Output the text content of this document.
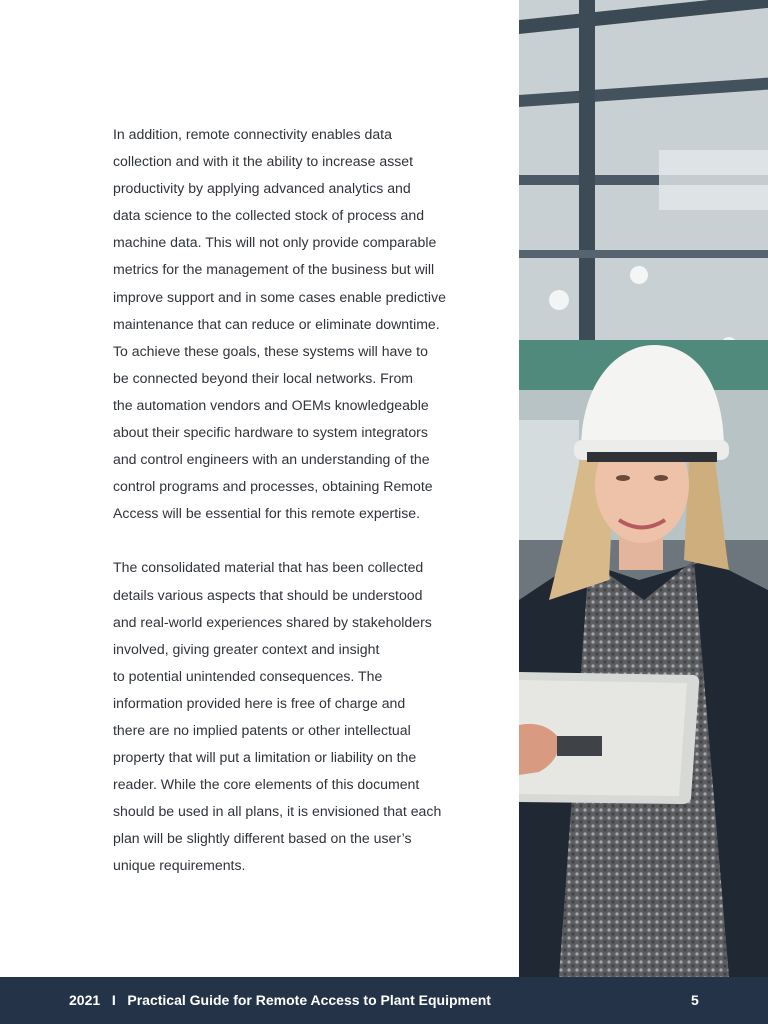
In addition, remote connectivity enables data
collection and with it the ability to increase asset
productivity by applying advanced analytics and
data science to the collected stock of process and
machine data. This will not only provide comparable
metrics for the management of the business but will
improve support and in some cases enable predictive
maintenance that can reduce or eliminate downtime.
To achieve these goals, these systems will have to
be connected beyond their local networks. From
the automation vendors and OEMs knowledgeable
about their specific hardware to system integrators
and control engineers with an understanding of the
control programs and processes, obtaining Remote
Access will be essential for this remote expertise.

The consolidated material that has been collected
details various aspects that should be understood
and real-world experiences shared by stakeholders
involved, giving greater context and insight
to potential unintended consequences. The
information provided here is free of charge and
there are no implied patents or other intellectual
property that will put a limitation or liability on the
reader. While the core elements of this document
should be used in all plans, it is envisioned that each
plan will be slightly different based on the user’s
unique requirements.

2021 I Practical Guide for Remote Access to Plant Equipment	5
